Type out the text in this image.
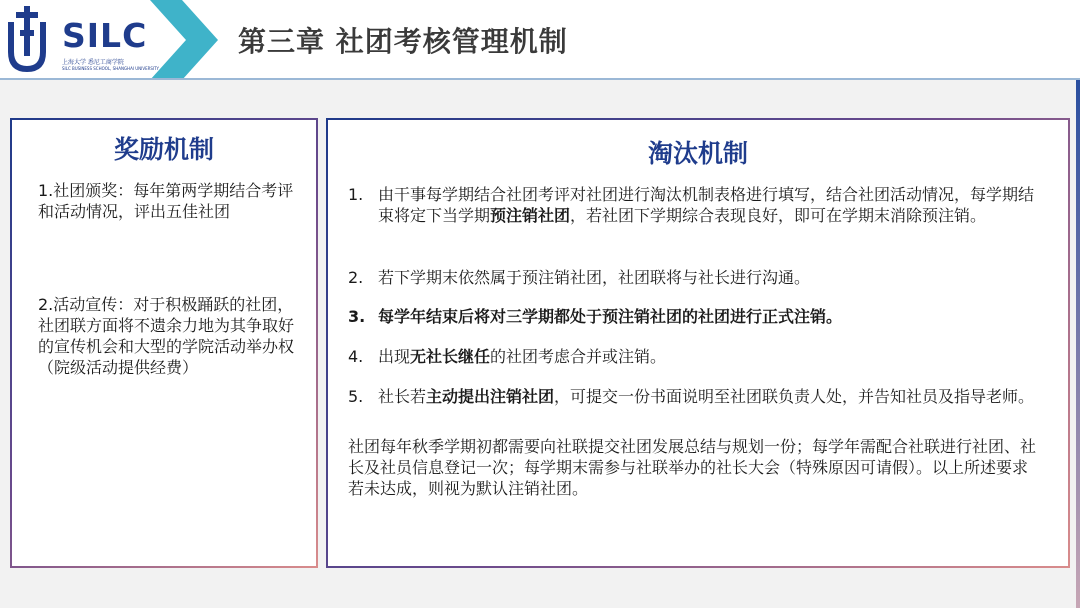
SILC
上海大学 悉尼工商学院
SILC BUSINESS SCHOOL, SHANGHAI UNIVERSITY
第三章 社团考核管理机制
奖励机制
1.社团颁奖：每年第两学期结合考评和活动情况，评出五佳社团
2.活动宣传：对于积极踊跃的社团，社团联方面将不遗余力地为其争取好的宣传机会和大型的学院活动举办权（院级活动提供经费）
淘汰机制
1. 由干事每学期结合社团考评对社团进行淘汰机制表格进行填写，结合社团活动情况，每学期结束将定下当学期预注销社团，若社团下学期综合表现良好，即可在学期末消除预注销。
2. 若下学期末依然属于预注销社团，社团联将与社长进行沟通。
3. 每学年结束后将对三学期都处于预注销社团的社团进行正式注销。
4. 出现无社长继任的社团考虑合并或注销。
5. 社长若主动提出注销社团，可提交一份书面说明至社团联负责人处，并告知社员及指导老师。
社团每年秋季学期初都需要向社联提交社团发展总结与规划一份；每学年需配合社联进行社团、社长及社员信息登记一次；每学期末需参与社联举办的社长大会（特殊原因可请假）。以上所述要求若未达成，则视为默认注销社团。
